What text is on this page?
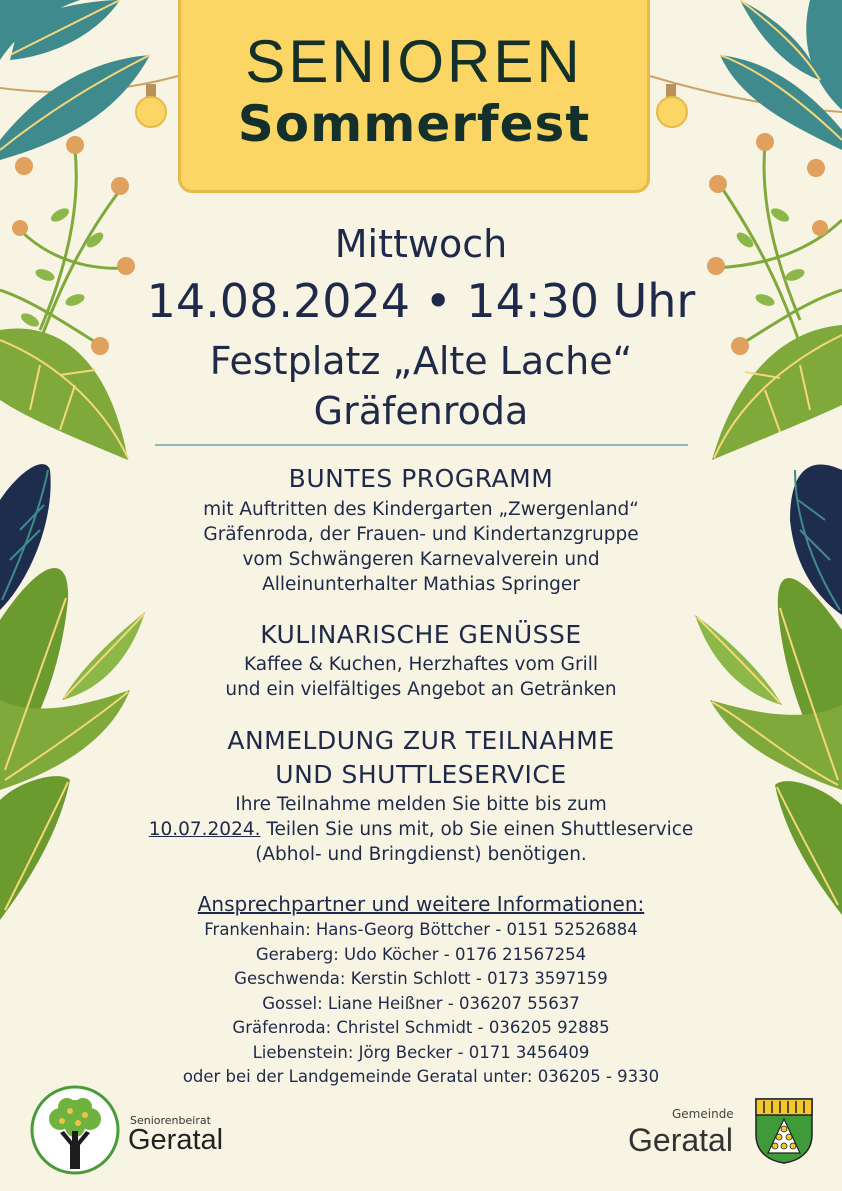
SENIOREN
Sommerfest
Mittwoch
14.08.2024 • 14:30 Uhr
Festplatz „Alte Lache“
Gräfenroda
BUNTES PROGRAMM
mit Auftritten des Kindergarten „Zwergenland“
Gräfenroda, der Frauen- und Kindertanzgruppe
vom Schwängeren Karnevalverein und
Alleinunterhalter Mathias Springer
KULINARISCHE GENÜSSE
Kaffee & Kuchen, Herzhaftes vom Grill
und ein vielfältiges Angebot an Getränken
ANMELDUNG ZUR TEILNAHME
UND SHUTTLESERVICE
Ihre Teilnahme melden Sie bitte bis zum
10.07.2024. Teilen Sie uns mit, ob Sie einen Shuttleservice
(Abhol- und Bringdienst) benötigen.
Ansprechpartner und weitere Informationen:
Frankenhain: Hans-Georg Böttcher - 0151 52526884
Geraberg: Udo Köcher - 0176 21567254
Geschwenda: Kerstin Schlott - 0173 3597159
Gossel: Liane Heißner - 036207 55637
Gräfenroda: Christel Schmidt - 036205 92885
Liebenstein: Jörg Becker - 0171 3456409
oder bei der Landgemeinde Geratal unter: 036205 - 9330
Seniorenbeirat
Geratal
Gemeinde
Geratal
